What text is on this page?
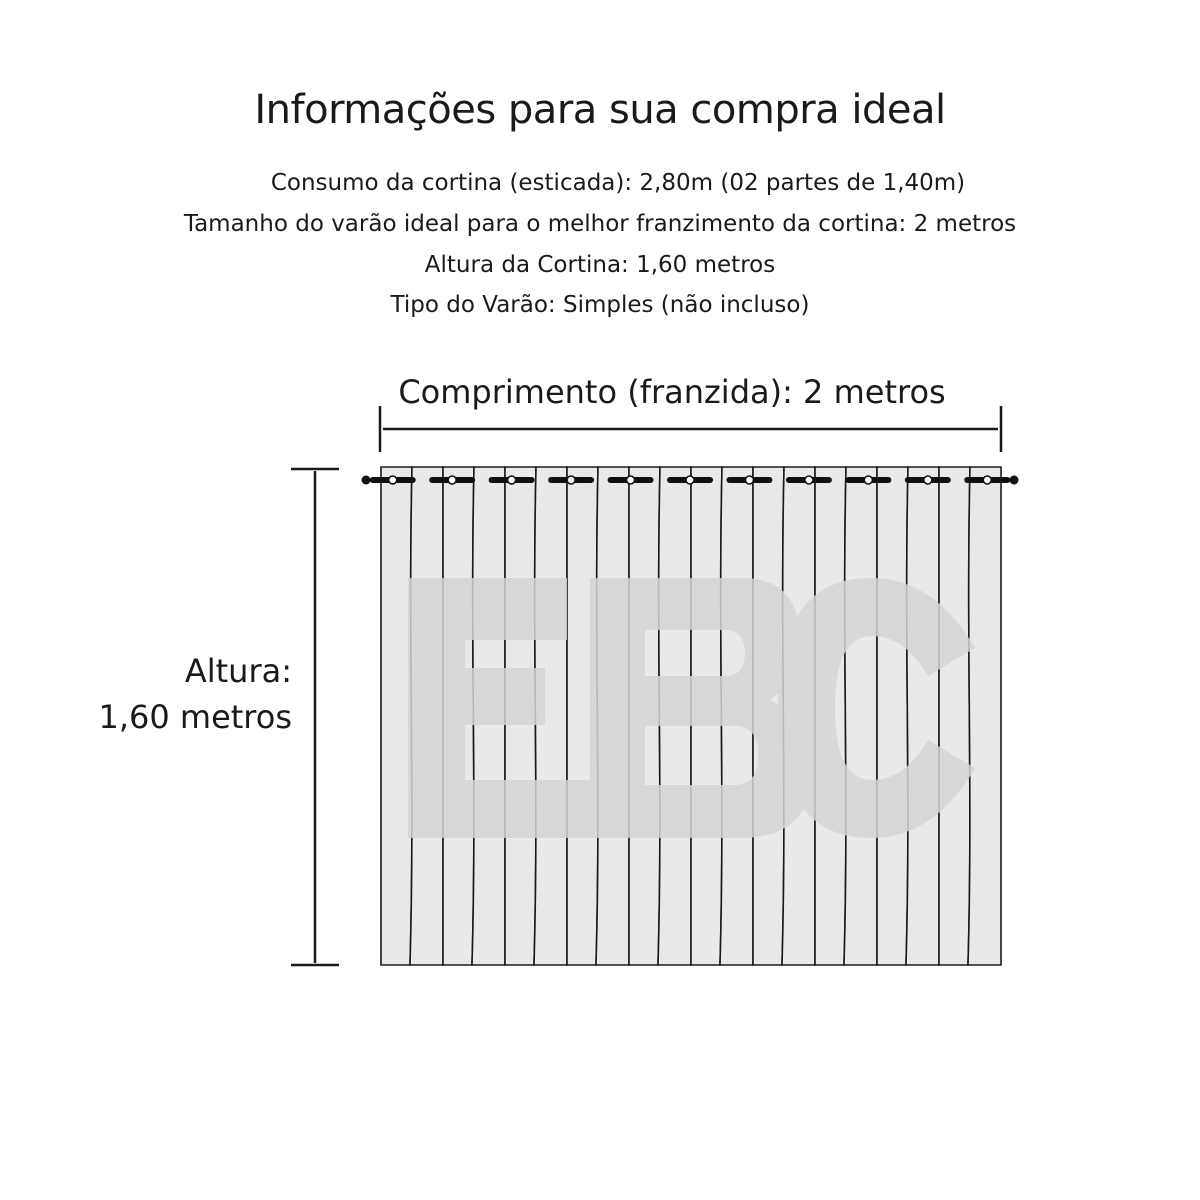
Informações para sua compra ideal
Consumo da cortina (esticada): 2,80m (02 partes de 1,40m)
Tamanho do varão ideal para o melhor franzimento da cortina: 2 metros
Altura da Cortina: 1,60 metros
Tipo do Varão: Simples (não incluso)
Comprimento (franzida): 2 metros
Altura:
1,60 metros
